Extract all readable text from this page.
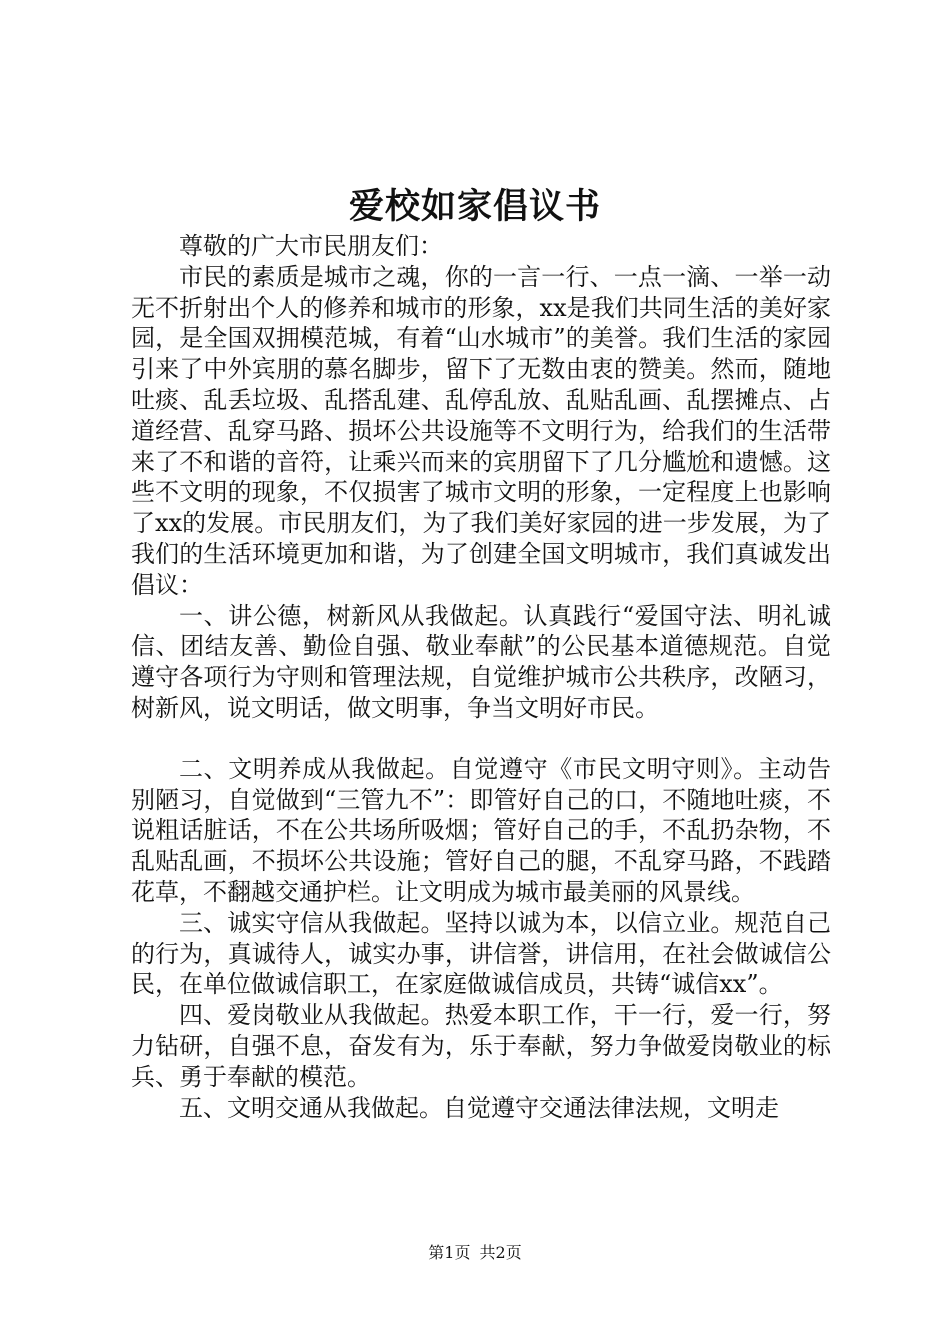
爱校如家倡议书

尊敬的广大市民朋友们：

市民的素质是城市之魂，你的一言一行、一点一滴、一举一动无不折射出个人的修养和城市的形象，xx是我们共同生活的美好家园，是全国双拥模范城，有着“山水城市”的美誉。我们生活的家园引来了中外宾朋的慕名脚步，留下了无数由衷的赞美。然而，随地吐痰、乱丢垃圾、乱搭乱建、乱停乱放、乱贴乱画、乱摆摊点、占道经营、乱穿马路、损坏公共设施等不文明行为，给我们的生活带来了不和谐的音符，让乘兴而来的宾朋留下了几分尴尬和遗憾。这些不文明的现象，不仅损害了城市文明的形象，一定程度上也影响了xx的发展。市民朋友们，为了我们美好家园的进一步发展，为了我们的生活环境更加和谐，为了创建全国文明城市，我们真诚发出倡议：

一、讲公德，树新风从我做起。认真践行“爱国守法、明礼诚信、团结友善、勤俭自强、敬业奉献”的公民基本道德规范。自觉遵守各项行为守则和管理法规，自觉维护城市公共秩序，改陋习，树新风，说文明话，做文明事，争当文明好市民。

二、文明养成从我做起。自觉遵守《市民文明守则》。主动告别陋习，自觉做到“三管九不”：即管好自己的口，不随地吐痰，不说粗话脏话，不在公共场所吸烟；管好自己的手，不乱扔杂物，不乱贴乱画，不损坏公共设施；管好自己的腿，不乱穿马路，不践踏花草，不翻越交通护栏。让文明成为城市最美丽的风景线。

三、诚实守信从我做起。坚持以诚为本，以信立业。规范自己的行为，真诚待人，诚实办事，讲信誉，讲信用，在社会做诚信公民，在单位做诚信职工，在家庭做诚信成员，共铸“诚信xx”。

四、爱岗敬业从我做起。热爱本职工作，干一行，爱一行，努力钻研，自强不息，奋发有为，乐于奉献，努力争做爱岗敬业的标兵、勇于奉献的模范。

五、文明交通从我做起。自觉遵守交通法律法规，文明走

第1页 共2页
